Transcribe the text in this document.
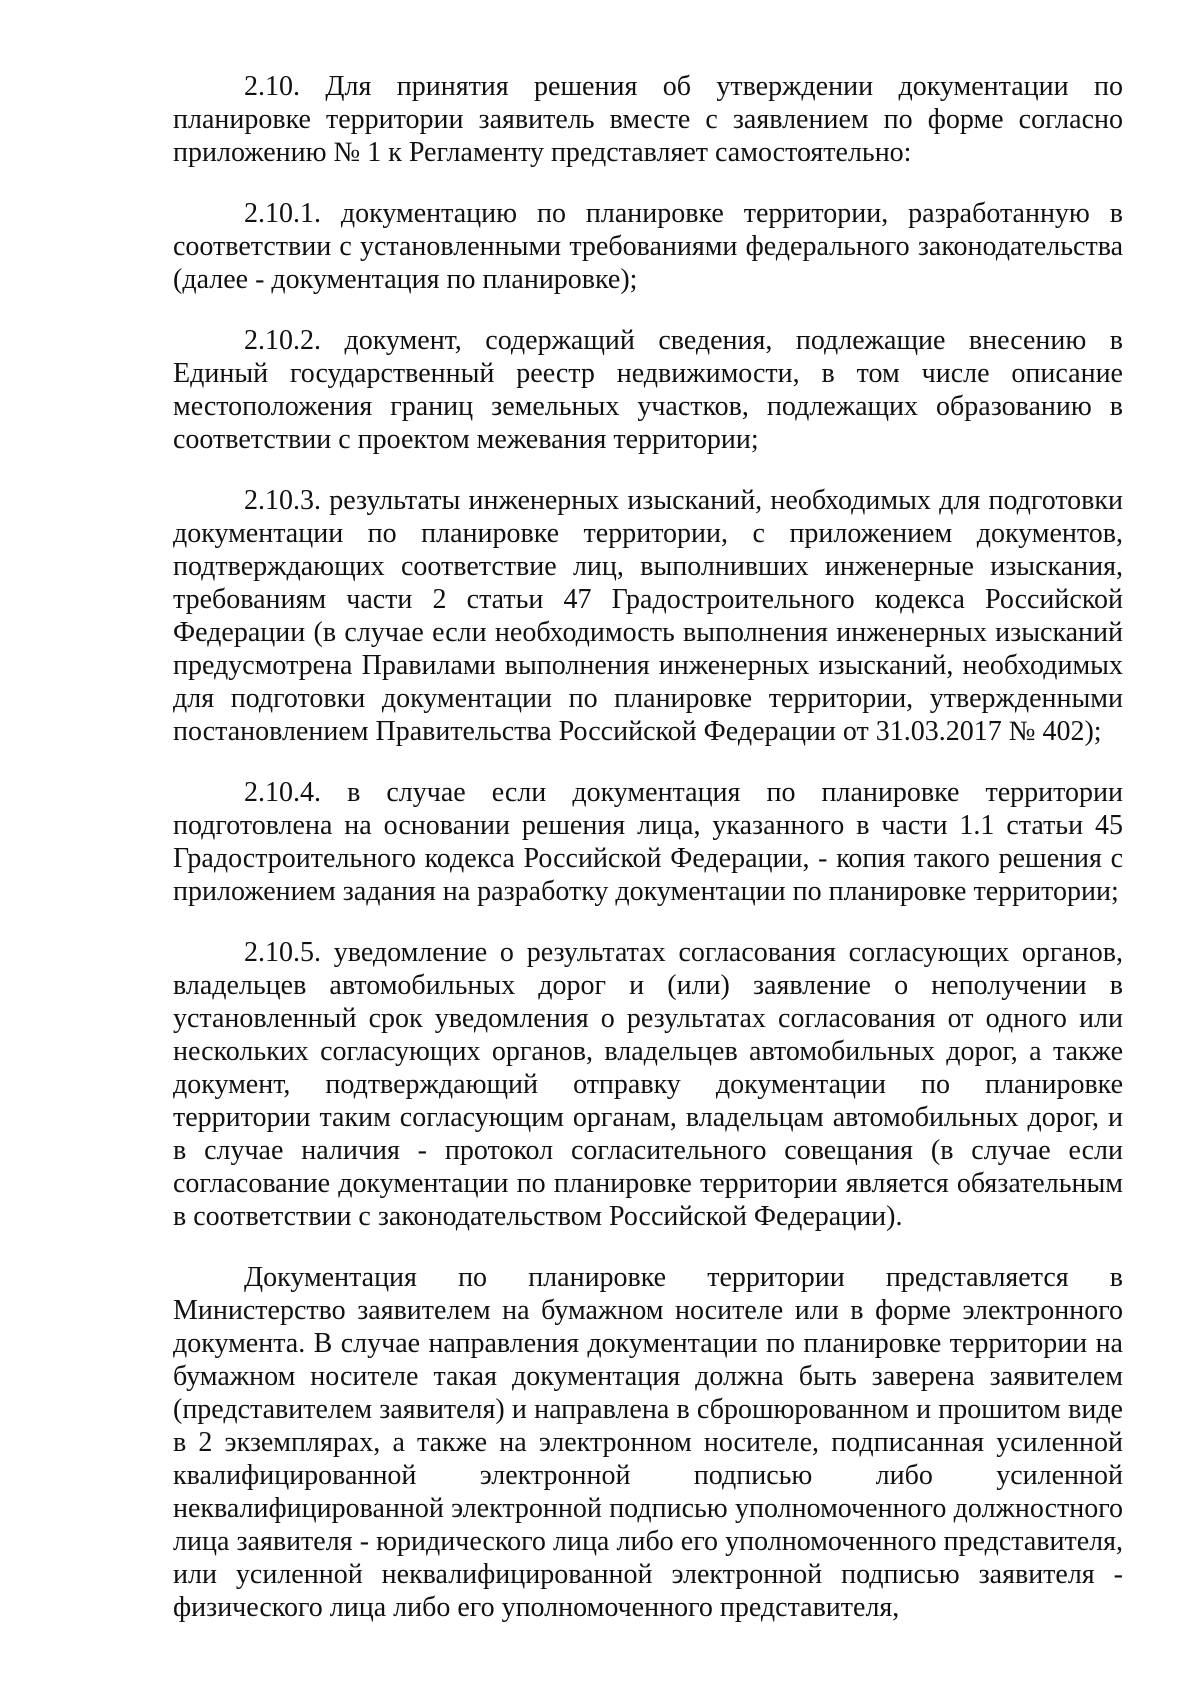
2.10. Для принятия решения об утверждении документации по планировке территории заявитель вместе с заявлением по форме согласно приложению № 1 к Регламенту представляет самостоятельно:

2.10.1. документацию по планировке территории, разработанную в соответствии с установленными требованиями федерального законодательства (далее - документация по планировке);

2.10.2. документ, содержащий сведения, подлежащие внесению в Единый государственный реестр недвижимости, в том числе описание местоположения границ земельных участков, подлежащих образованию в соответствии с проектом межевания территории;

2.10.3. результаты инженерных изысканий, необходимых для подготовки документации по планировке территории, с приложением документов, подтверждающих соответствие лиц, выполнивших инженерные изыскания, требованиям части 2 статьи 47 Градостроительного кодекса Российской Федерации (в случае если необходимость выполнения инженерных изысканий предусмотрена Правилами выполнения инженерных изысканий, необходимых для подготовки документации по планировке территории, утвержденными постановлением Правительства Российской Федерации от 31.03.2017 № 402);

2.10.4. в случае если документация по планировке территории подготовлена на основании решения лица, указанного в части 1.1 статьи 45 Градостроительного кодекса Российской Федерации, - копия такого решения с приложением задания на разработку документации по планировке территории;

2.10.5. уведомление о результатах согласования согласующих органов, владельцев автомобильных дорог и (или) заявление о неполучении в установленный срок уведомления о результатах согласования от одного или нескольких согласующих органов, владельцев автомобильных дорог, а также документ, подтверждающий отправку документации по планировке территории таким согласующим органам, владельцам автомобильных дорог, и в случае наличия - протокол согласительного совещания (в случае если согласование документации по планировке территории является обязательным в соответствии с законодательством Российской Федерации).

Документация по планировке территории представляется в Министерство заявителем на бумажном носителе или в форме электронного документа. В случае направления документации по планировке территории на бумажном носителе такая документация должна быть заверена заявителем (представителем заявителя) и направлена в сброшюрованном и прошитом виде в 2 экземплярах, а также на электронном носителе, подписанная усиленной квалифицированной электронной подписью либо усиленной неквалифицированной электронной подписью уполномоченного должностного лица заявителя - юридического лица либо его уполномоченного представителя, или усиленной неквалифицированной электронной подписью заявителя - физического лица либо его уполномоченного представителя,
